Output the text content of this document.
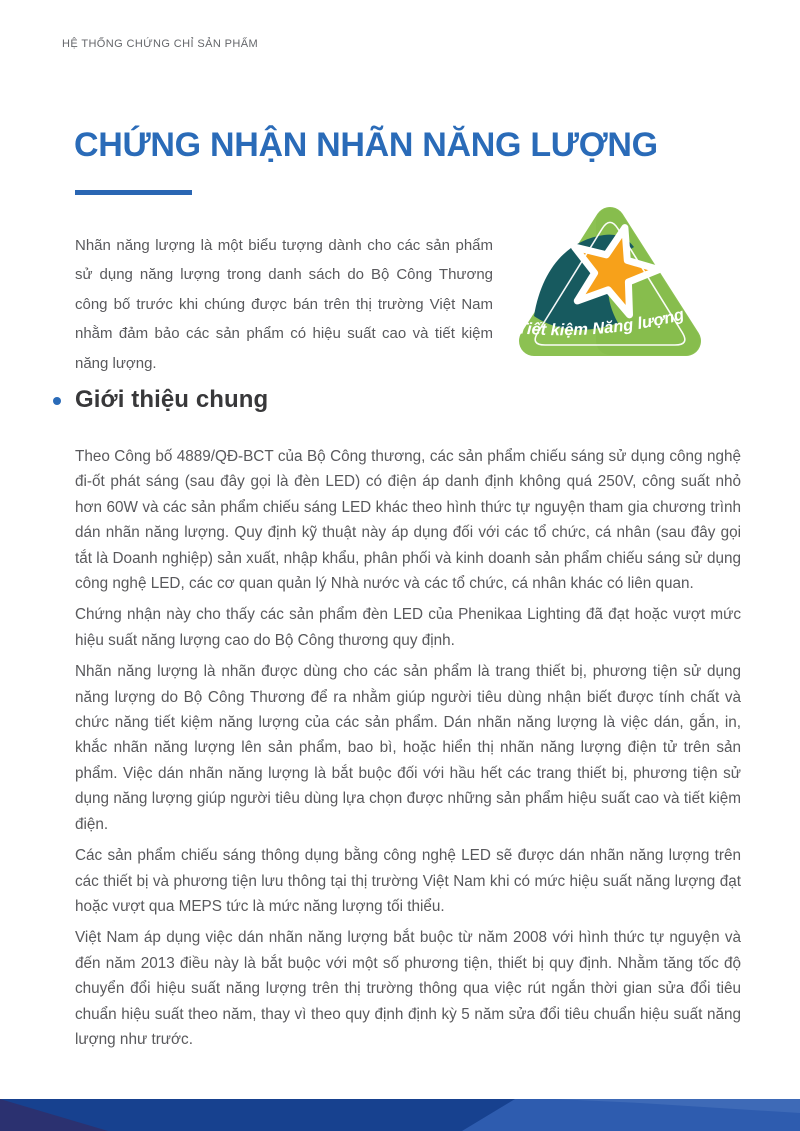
HỆ THỐNG CHỨNG CHỈ SẢN PHẨM
CHỨNG NHẬN NHÃN NĂNG LƯỢNG

Nhãn năng lượng là một biểu tượng dành cho các sản phẩm sử dụng năng lượng trong danh sách do Bộ Công Thương công bố trước khi chúng được bán trên thị trường Việt Nam nhằm đảm bảo các sản phẩm có hiệu suất cao và tiết kiệm năng lượng.

Tiết kiệm Năng lượng
Giới thiệu chung

Theo Công bố 4889/QĐ-BCT của Bộ Công thương, các sản phẩm chiếu sáng sử dụng công nghệ đi-ốt phát sáng (sau đây gọi là đèn LED) có điện áp danh định không quá 250V, công suất nhỏ hơn 60W và các sản phẩm chiếu sáng LED khác theo hình thức tự nguyện tham gia chương trình dán nhãn năng lượng. Quy định kỹ thuật này áp dụng đối với các tổ chức, cá nhân (sau đây gọi tắt là Doanh nghiệp) sản xuất, nhập khẩu, phân phối và kinh doanh sản phẩm chiếu sáng sử dụng công nghệ LED, các cơ quan quản lý Nhà nước và các tổ chức, cá nhân khác có liên quan.

Chứng nhận này cho thấy các sản phẩm đèn LED của Phenikaa Lighting đã đạt hoặc vượt mức hiệu suất năng lượng cao do Bộ Công thương quy định.

Nhãn năng lượng là nhãn được dùng cho các sản phẩm là trang thiết bị, phương tiện sử dụng năng lượng do Bộ Công Thương để ra nhằm giúp người tiêu dùng nhận biết được tính chất và chức năng tiết kiệm năng lượng của các sản phẩm. Dán nhãn năng lượng là việc dán, gắn, in, khắc nhãn năng lượng lên sản phẩm, bao bì, hoặc hiển thị nhãn năng lượng điện tử trên sản phẩm. Việc dán nhãn năng lượng là bắt buộc đối với hầu hết các trang thiết bị, phương tiện sử dụng năng lượng giúp người tiêu dùng lựa chọn được những sản phẩm hiệu suất cao và tiết kiệm điện.

Các sản phẩm chiếu sáng thông dụng bằng công nghệ LED sẽ được dán nhãn năng lượng trên các thiết bị và phương tiện lưu thông tại thị trường Việt Nam khi có mức hiệu suất năng lượng đạt hoặc vượt qua MEPS tức là mức năng lượng tối thiểu.

Việt Nam áp dụng việc dán nhãn năng lượng bắt buộc từ năm 2008 với hình thức tự nguyện và đến năm 2013 điều này là bắt buộc với một số phương tiện, thiết bị quy định. Nhằm tăng tốc độ chuyển đổi hiệu suất năng lượng trên thị trường thông qua việc rút ngắn thời gian sửa đổi tiêu chuẩn hiệu suất theo năm, thay vì theo quy định định kỳ 5 năm sửa đổi tiêu chuẩn hiệu suất năng lượng như trước.
